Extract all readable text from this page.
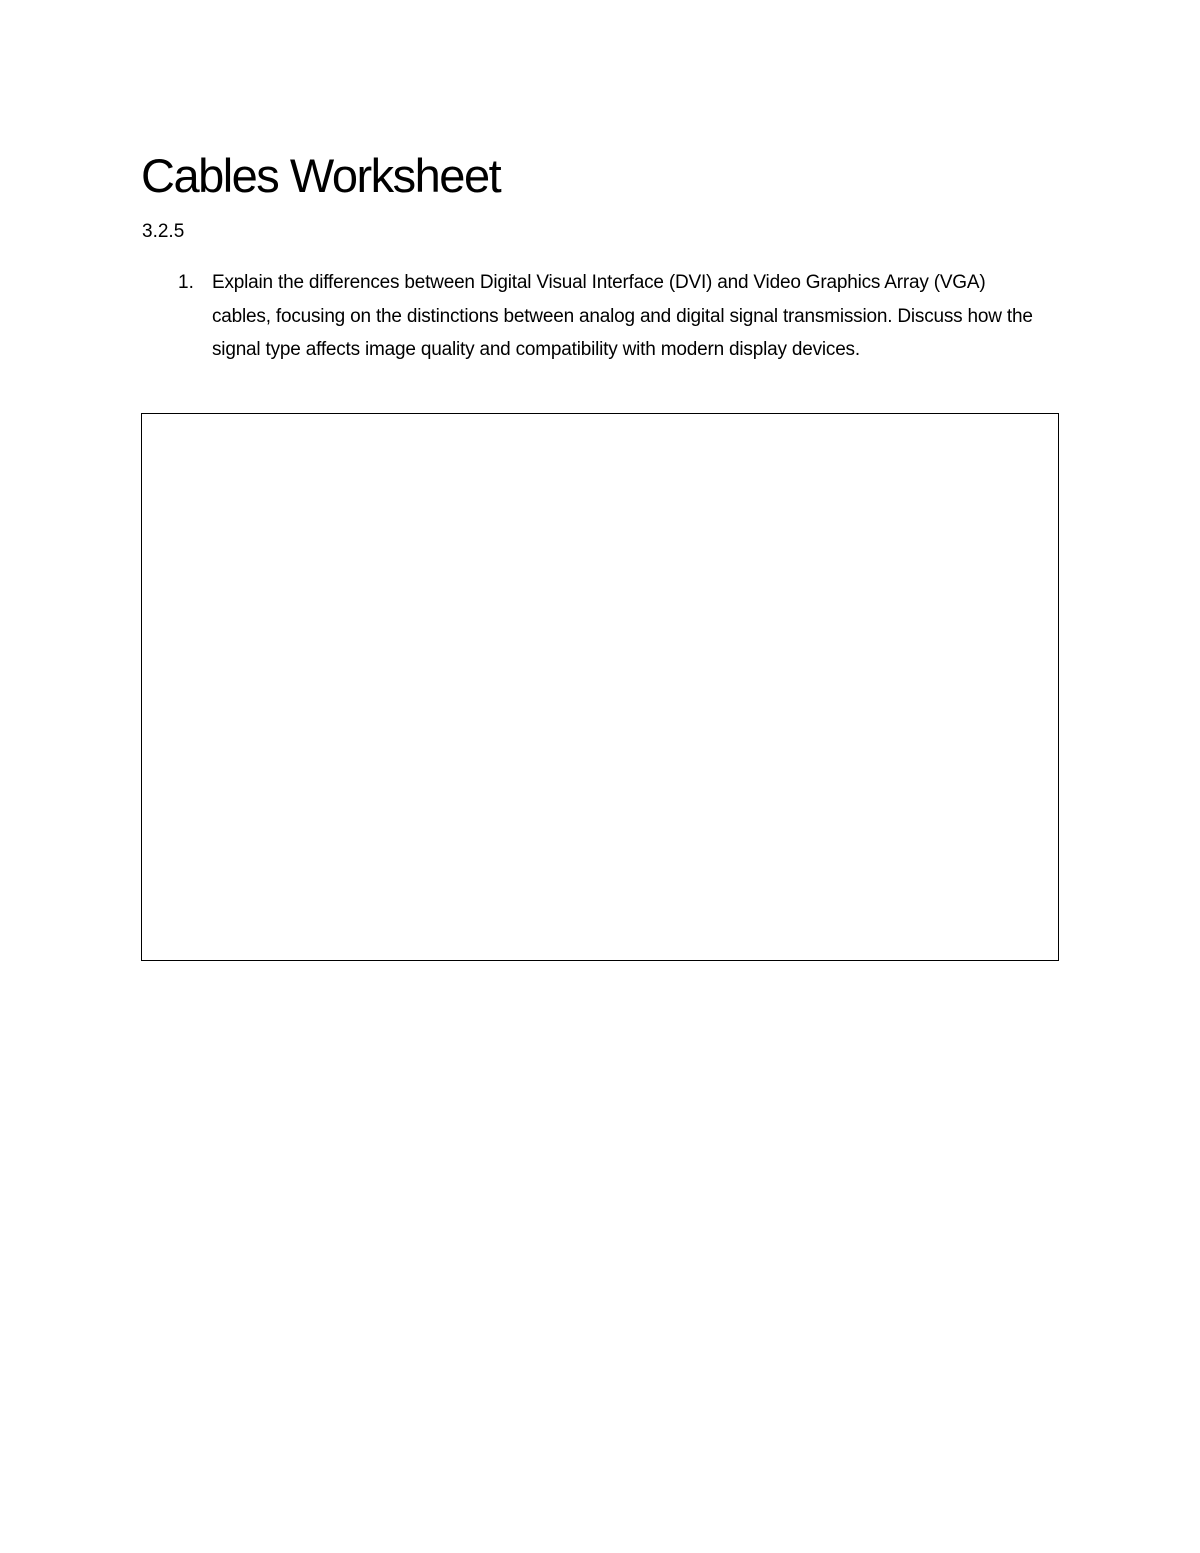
Cables Worksheet

3.2.5

1. Explain the differences between Digital Visual Interface (DVI) and Video Graphics Array (VGA) cables, focusing on the distinctions between analog and digital signal transmission. Discuss how the signal type affects image quality and compatibility with modern display devices.
